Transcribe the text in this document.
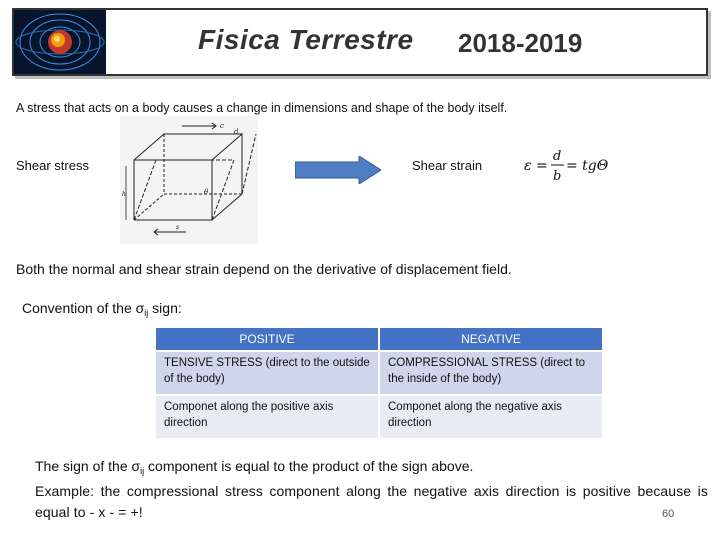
Fisica Terrestre 2018-2019
A stress that acts on a body causes a change in dimensions and shape of the body itself.
Shear stress
c
d
θ
h
s
Shear strain	ε =
d
b
= tgΘ
Both the normal and shear strain depend on the derivative of displacement field.
Convention of the $\sigma_{ij}$ sign:
POSITIVE	NEGATIVE
TENSIVE STRESS (direct to the outside of the body)	COMPRESSIONAL STRESS (direct to the inside of the body)
Componet along the positive axis direction	Componet along the negative axis direction
The sign of the $\sigma_{ij}$ component is equal to the product of the sign above.
Example: the compressional stress component along the negative axis direction is positive because is equal to - x - = +!	60
